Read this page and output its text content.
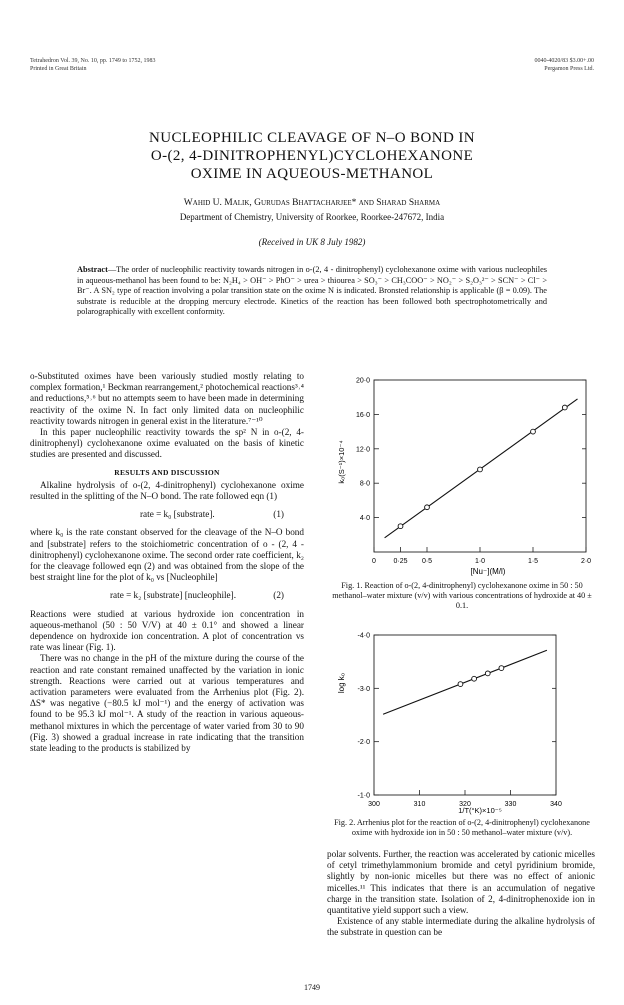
Tetrahedron Vol. 39, No. 10, pp. 1749 to 1752, 1983
Printed in Great Britain
0040-4020/83 $3.00+.00
Pergamon Press Ltd.
NUCLEOPHILIC CLEAVAGE OF N–O BOND IN
O-(2, 4-DINITROPHENYL)CYCLOHEXANONE
OXIME IN AQUEOUS-METHANOL
Wahid U. Malik, Gurudas Bhattacharjee* and Sharad Sharma
Department of Chemistry, University of Roorkee, Roorkee-247672, India
(Received in UK 8 July 1982)
Abstract—The order of nucleophilic reactivity towards nitrogen in o-(2, 4 - dinitrophenyl) cyclohexanone oxime with various nucleophiles in aqueous-methanol has been found to be: N₂H₄ > OH⁻ > PhO⁻ > urea > thiourea > SO₃⁻ > CH₃COO⁻ > NO₂⁻ > S₂O₃²⁻ > SCN⁻ > Cl⁻ > Br⁻. A SN₂ type of reaction involving a polar transition state on the oxime N is indicated. Bronsted relationship is applicable (β = 0.09). The substrate is reducible at the dropping mercury electrode. Kinetics of the reaction has been followed both spectrophotometrically and polarographically with excellent conformity.

o-Substituted oximes have been variously studied mostly relating to complex formation,¹ Beckman rearrangement,² photochemical reactions³˒⁴ and reductions,⁵˒⁶ but no attempts seem to have been made in determining reactivity of the oxime N. In fact only limited data on nucleophilic reactivity towards nitrogen in general exist in the literature.⁷⁻¹⁰

In this paper nucleophilic reactivity towards the sp² N in o-(2, 4-dinitrophenyl) cyclohexanone oxime evaluated on the basis of kinetic studies are presented and discussed.

RESULTS AND DISCUSSION

Alkaline hydrolysis of o-(2, 4-dinitrophenyl) cyclohexanone oxime resulted in the splitting of the N–O bond. The rate followed eqn (1)

rate = k₀ [substrate].	(1)

where k₀ is the rate constant observed for the cleavage of the N–O bond and [substrate] refers to the stoichiometric concentration of o - (2, 4 - dinitrophenyl) cyclohexanone oxime. The second order rate coefficient, k₂ for the cleavage followed eqn (2) and was obtained from the slope of the best straight line for the plot of k₀ vs [Nucleophile]

rate = k₂ [substrate] [nucleophile].	(2)

Reactions were studied at various hydroxide ion concentration in aqueous-methanol (50 : 50 V/V) at 40 ± 0.1° and showed a linear dependence on hydroxide ion concentration. A plot of concentration vs rate was linear (Fig. 1).

There was no change in the pH of the mixture during the course of the reaction and rate constant remained unaffected by the variation in ionic strength. Reactions were carried out at various temperatures and activation parameters were evaluated from the Arrhenius plot (Fig. 2). ΔS* was negative (−80.5 kJ mol⁻¹) and the energy of activation was found to be 95.3 kJ mol⁻¹. A study of the reaction in various aqueous-methanol mixtures in which the percentage of water varied from 30 to 90 (Fig. 3) showed a gradual increase in rate indicating that the transition state leading to the products is stabilized by

0	0·25 0·5	1·0	1·5	2·0
4·0
8·0
12·0
16·0
20·0
k₀(S⁻¹)×10⁻⁴
[Nu⁻](M/l)
Fig. 1. Reaction of o-(2, 4-dinitrophenyl) cyclohexanone oxime in 50 : 50 methanol–water mixture (v/v) with various concentrations of hydroxide at 40 ± 0.1.
300	310	320	330	340
-1·0
-2·0
-3·0
-4·0
log k₀
1/T(°K)×10⁻⁵
Fig. 2. Arrhenius plot for the reaction of o-(2, 4-dinitrophenyl) cyclohexanone oxime with hydroxide ion in 50 : 50 methanol–water mixture (v/v).

polar solvents. Further, the reaction was accelerated by cationic micelles of cetyl trimethylammonium bromide and cetyl pyridinium bromide, slightly by non-ionic micelles but there was no effect of anionic micelles.¹¹ This indicates that there is an accumulation of negative charge in the transition state. Isolation of 2, 4-dinitrophenoxide ion in quantitative yield support such a view.

Existence of any stable intermediate during the alkaline hydrolysis of the substrate in question can be

1749
